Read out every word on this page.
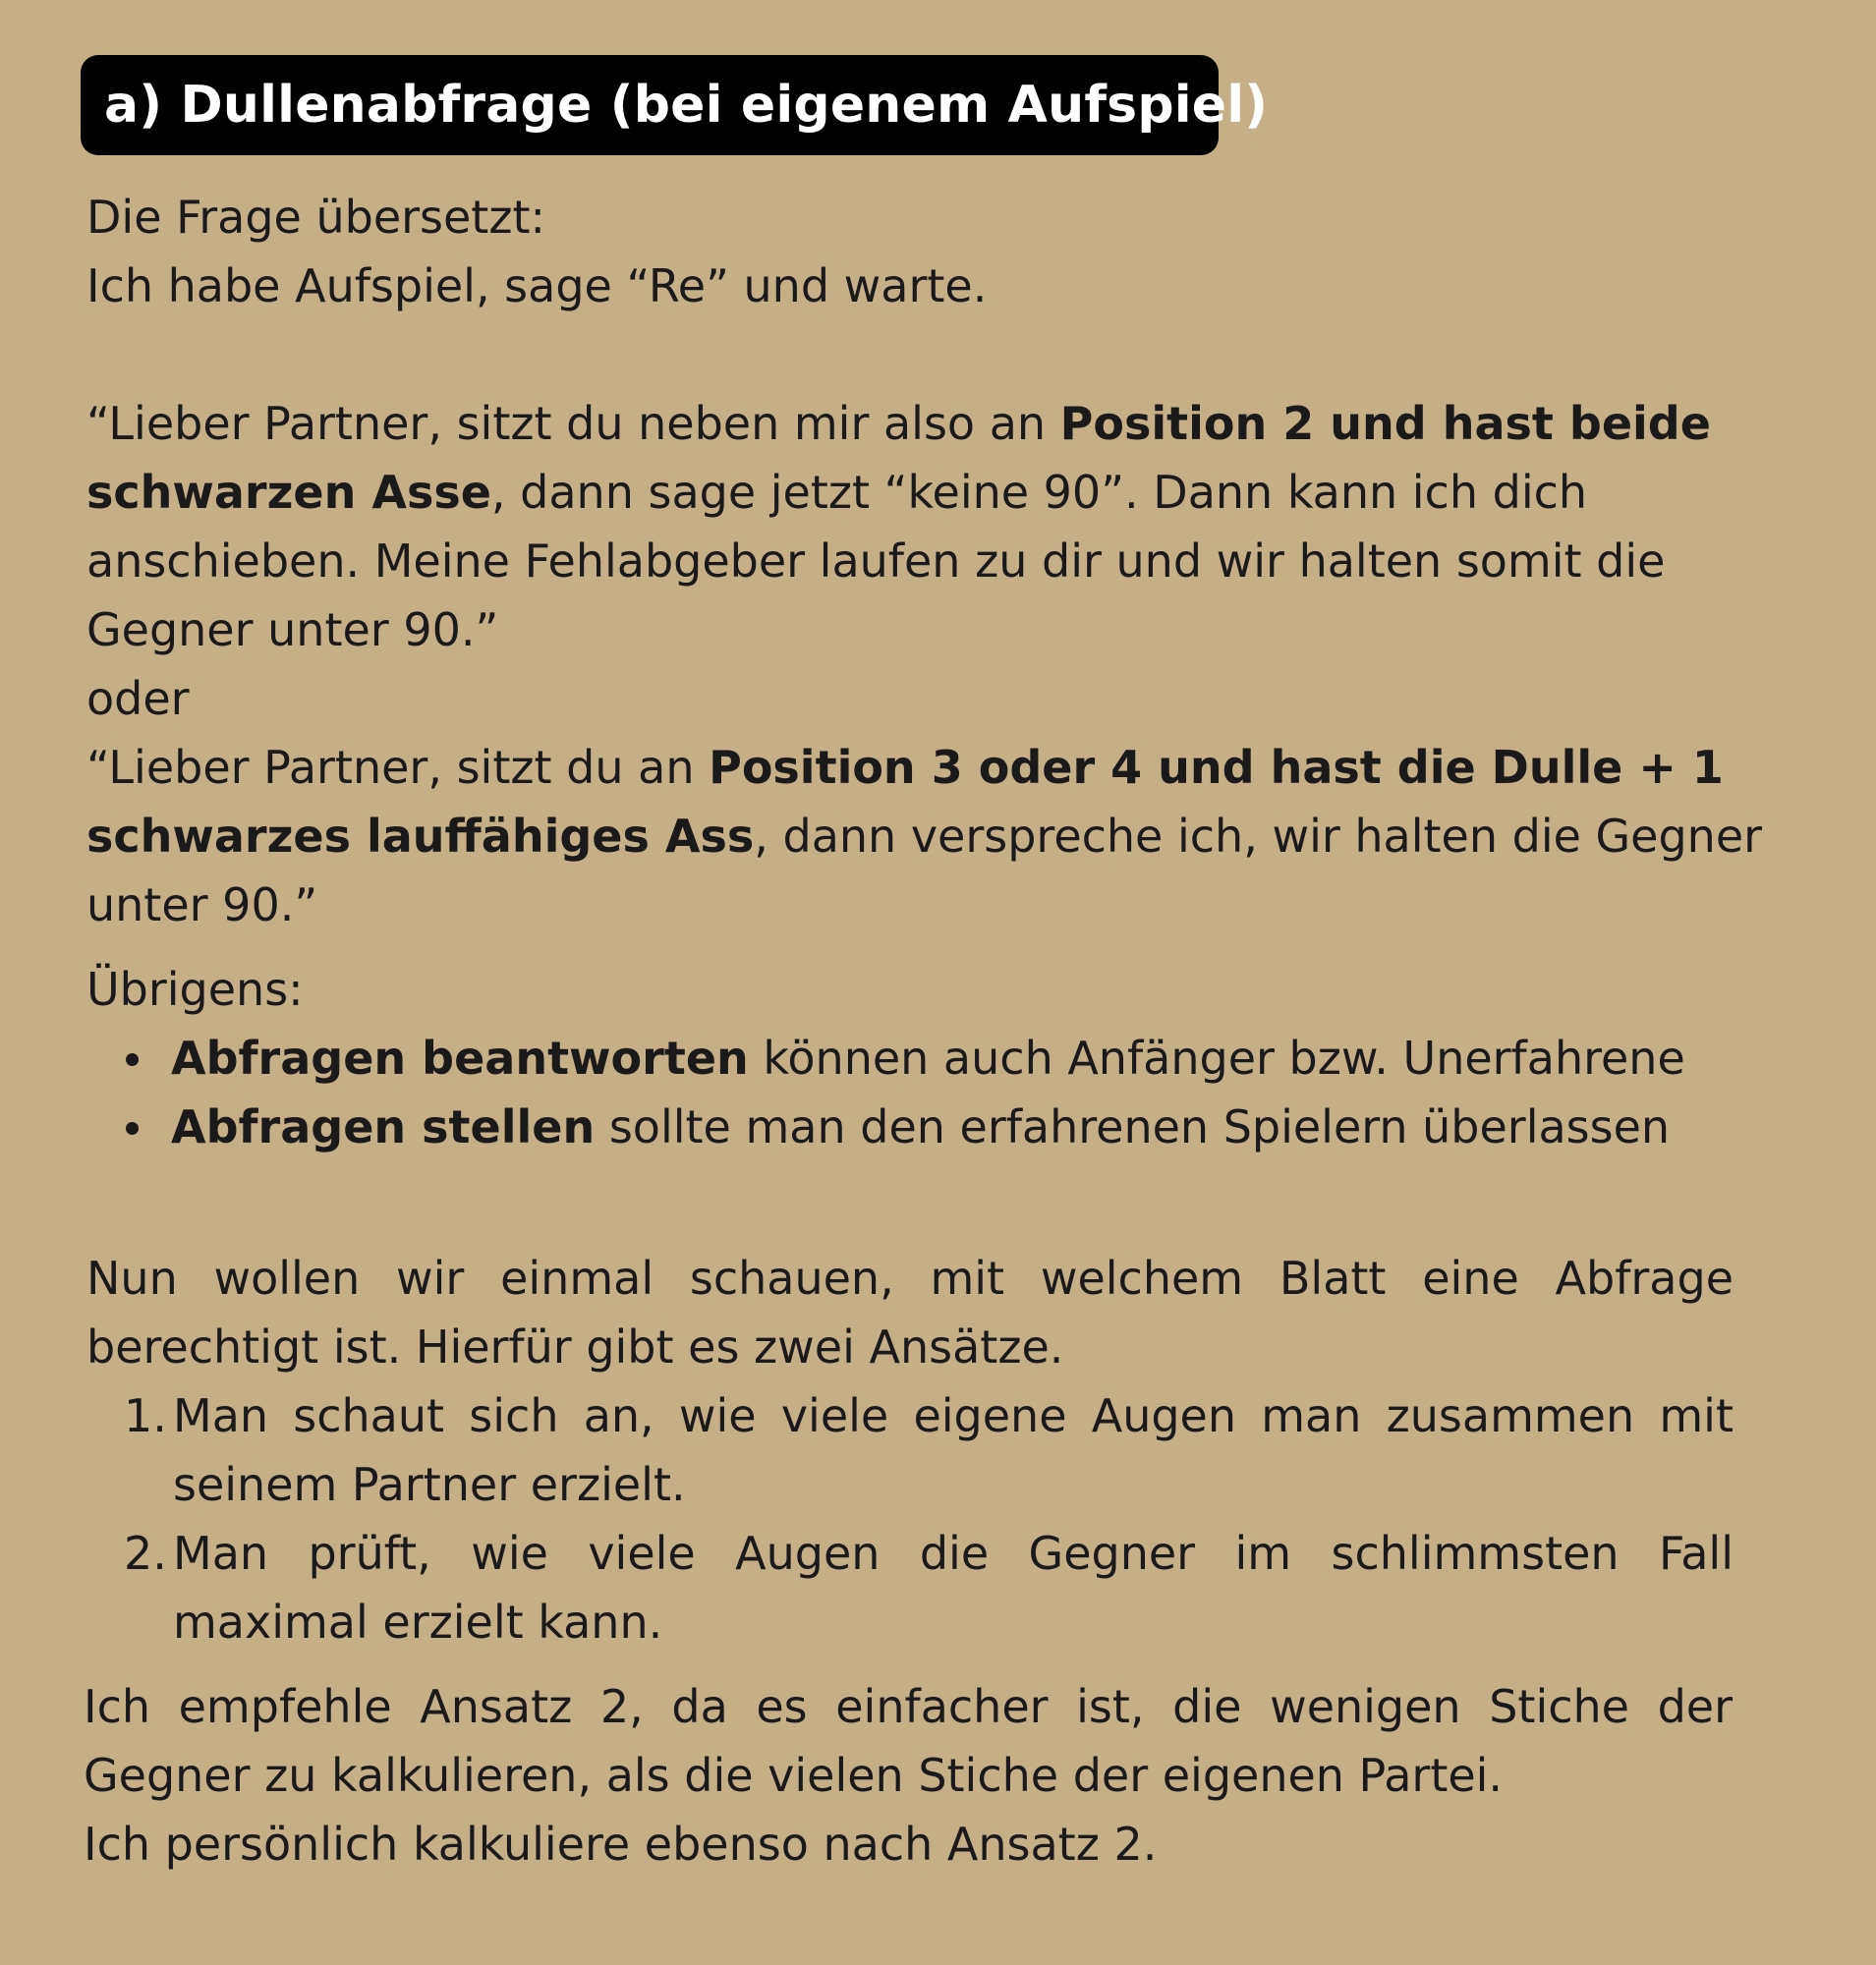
a) Dullenabfrage (bei eigenem Aufspiel)
Die Frage übersetzt:
Ich habe Aufspiel, sage “Re” und warte.
“Lieber Partner, sitzt du neben mir also an Position 2 und hast beide
schwarzen Asse, dann sage jetzt “keine 90”. Dann kann ich dich
anschieben. Meine Fehlabgeber laufen zu dir und wir halten somit die
Gegner unter 90.”
oder
“Lieber Partner, sitzt du an Position 3 oder 4 und hast die Dulle + 1
schwarzes lauffähiges Ass, dann verspreche ich, wir halten die Gegner
unter 90.”
Übrigens:
Abfragen beantworten können auch Anfänger bzw. Unerfahrene
Abfragen stellen sollte man den erfahrenen Spielern überlassen
Nun wollen wir einmal schauen, mit welchem Blatt eine Abfrage
berechtigt ist. Hierfür gibt es zwei Ansätze.
1. Man schaut sich an, wie viele eigene Augen man zusammen mit
seinem Partner erzielt.
2. Man prüft, wie viele Augen die Gegner im schlimmsten Fall
maximal erzielt kann.
Ich empfehle Ansatz 2, da es einfacher ist, die wenigen Stiche der
Gegner zu kalkulieren, als die vielen Stiche der eigenen Partei.
Ich persönlich kalkuliere ebenso nach Ansatz 2.
